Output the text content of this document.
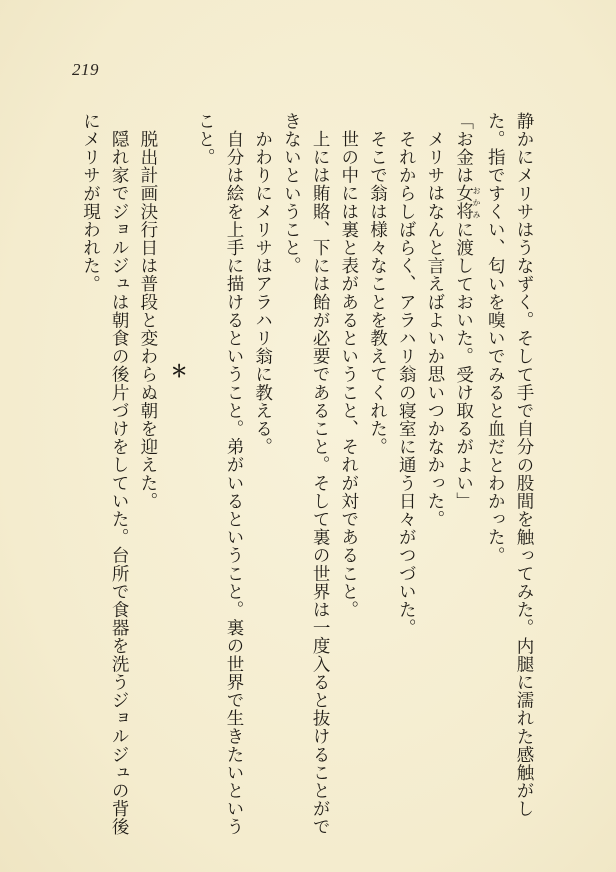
219

静かにメリサはうなずく。そして手で自分の股間を触ってみた。内腿に濡れた感触がし

た。指ですくい、匂いを嗅いでみると血だとわかった。

「お金は女将おかみに渡しておいた。受け取るがよい」

メリサはなんと言えばよいか思いつかなかった。

それからしばらく、アラハリ翁の寝室に通う日々がつづいた。

そこで翁は様々なことを教えてくれた。

世の中には裏と表があるということ、それが対であること。

上には賄賂、下には飴が必要であること。そして裏の世界は一度入ると抜けることがで

きないということ。

かわりにメリサはアラハリ翁に教える。

自分は絵を上手に描けるということ。弟がいるということ。裏の世界で生きたいという

こと。

＊

脱出計画決行日は普段と変わらぬ朝を迎えた。

隠れ家でジョルジュは朝食の後片づけをしていた。台所で食器を洗うジョルジュの背後

にメリサが現われた。
